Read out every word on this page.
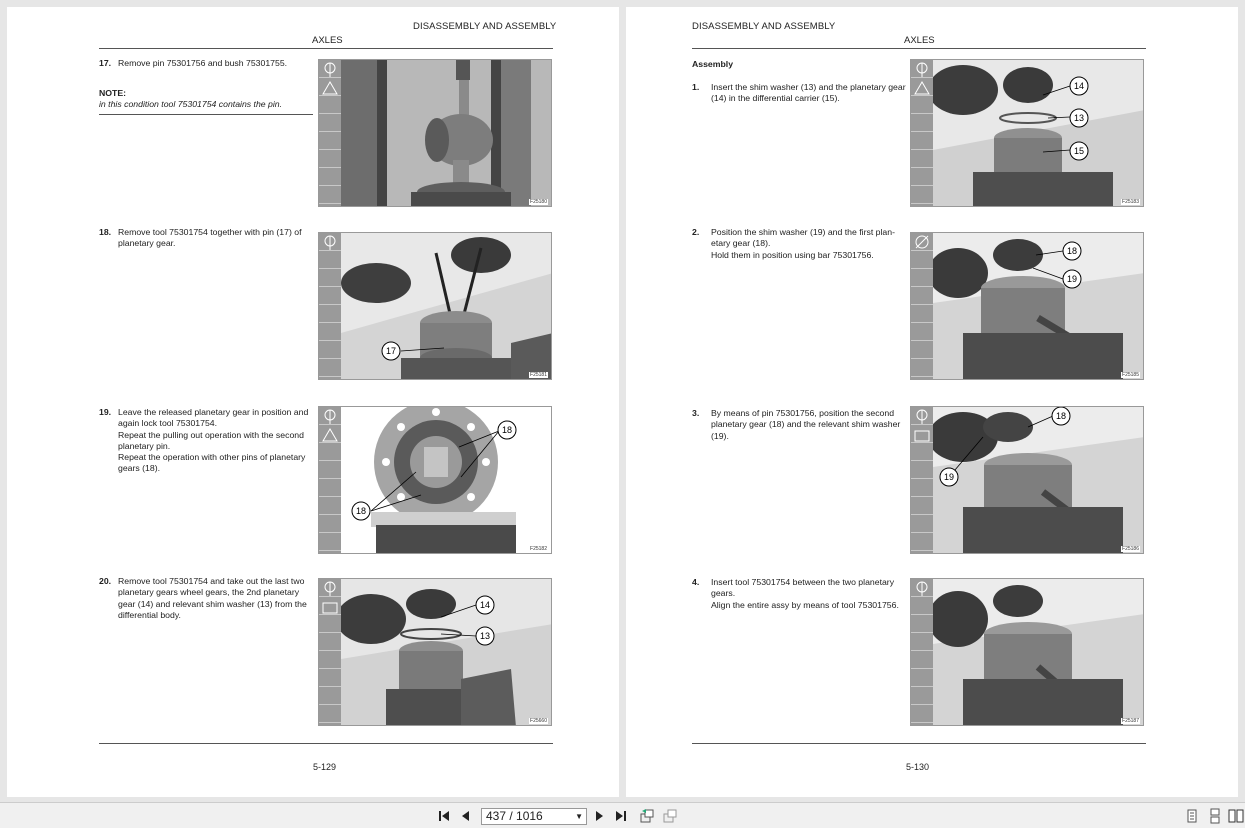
DISASSEMBLY AND ASSEMBLY
AXLES
17. Remove pin 75301756 and bush 75301755.

NOTE:
in this condition tool 75301754 contains the pin.
F25180
18. Remove tool 75301754 together with pin (17) of planetary gear.

17
F25181
19. Leave the released planetary gear in position and again lock tool 75301754.

Repeat the pulling out operation with the second planetary pin.

Repeat the operation with other pins of planetary gears (18).

18
18
F25182
20. Remove tool 75301754 and take out the last two planetary gears wheel gears, the 2nd planetary gear (14) and relevant shim washer (13) from the differential body.

14
13
F25660
5-129
DISASSEMBLY AND ASSEMBLY
AXLES
Assembly
1. Insert the shim washer (13) and the planetary gear (14) in the differential carrier (15).

14
13
15
F25183
2. Position the shim washer (19) and the first plan- etary gear (18).

Hold them in position using bar 75301756.	18
19
F25185
3. By means of pin 75301756, position the second planetary gear (18) and the relevant shim washer (19).

18
19
F25186
4. Insert tool 75301754 between the two planetary gears.

Align the entire assy by means of tool 75301756.

F25187
5-130
437 / 1016	▼
